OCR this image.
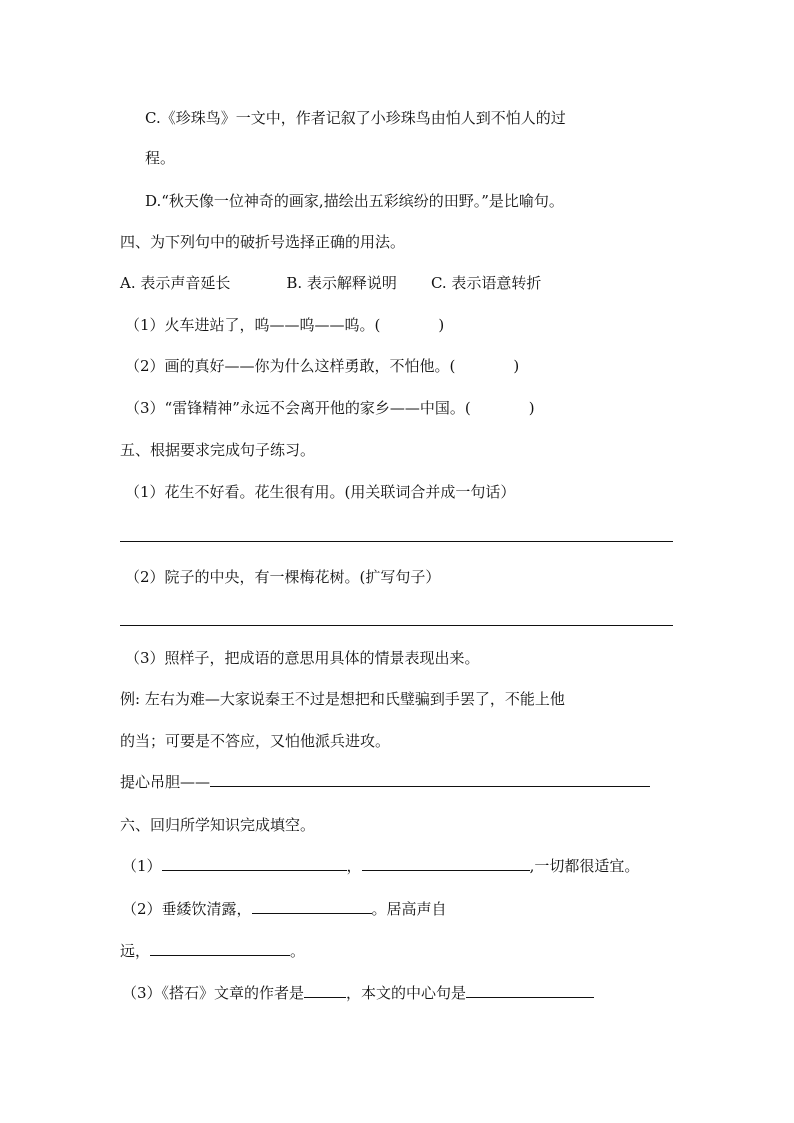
C.《珍珠鸟》一文中，作者记叙了小珍珠鸟由怕人到不怕人的过
程。
D.“秋天像一位神奇的画家,描绘出五彩缤纷的田野。”是比喻句。
四、为下列句中的破折号选择正确的用法。
A. 表示声音延长	B. 表示解释说明 C. 表示语意转折
（1）火车进站了，呜——呜——呜。(	)
（2）画的真好——你为什么这样勇敢，不怕他。(	)
（3）“雷锋精神”永远不会离开他的家乡——中国。(	)
五、根据要求完成句子练习。
（1）花生不好看。花生很有用。(用关联词合并成一句话）
（2）院子的中央，有一棵梅花树。(扩写句子）
（3）照样子，把成语的意思用具体的情景表现出来。
例: 左右为难—大家说秦王不过是想把和氏璧骗到手罢了，不能上他
的当；可要是不答应，又怕他派兵进攻。
提心吊胆——
六、回归所学知识完成填空。
（1）	，	,一切都很适宜。
（2）垂緌饮清露，	。居高声自
远，	。
（3）《搭石》文章的作者是	，本文的中心句是
